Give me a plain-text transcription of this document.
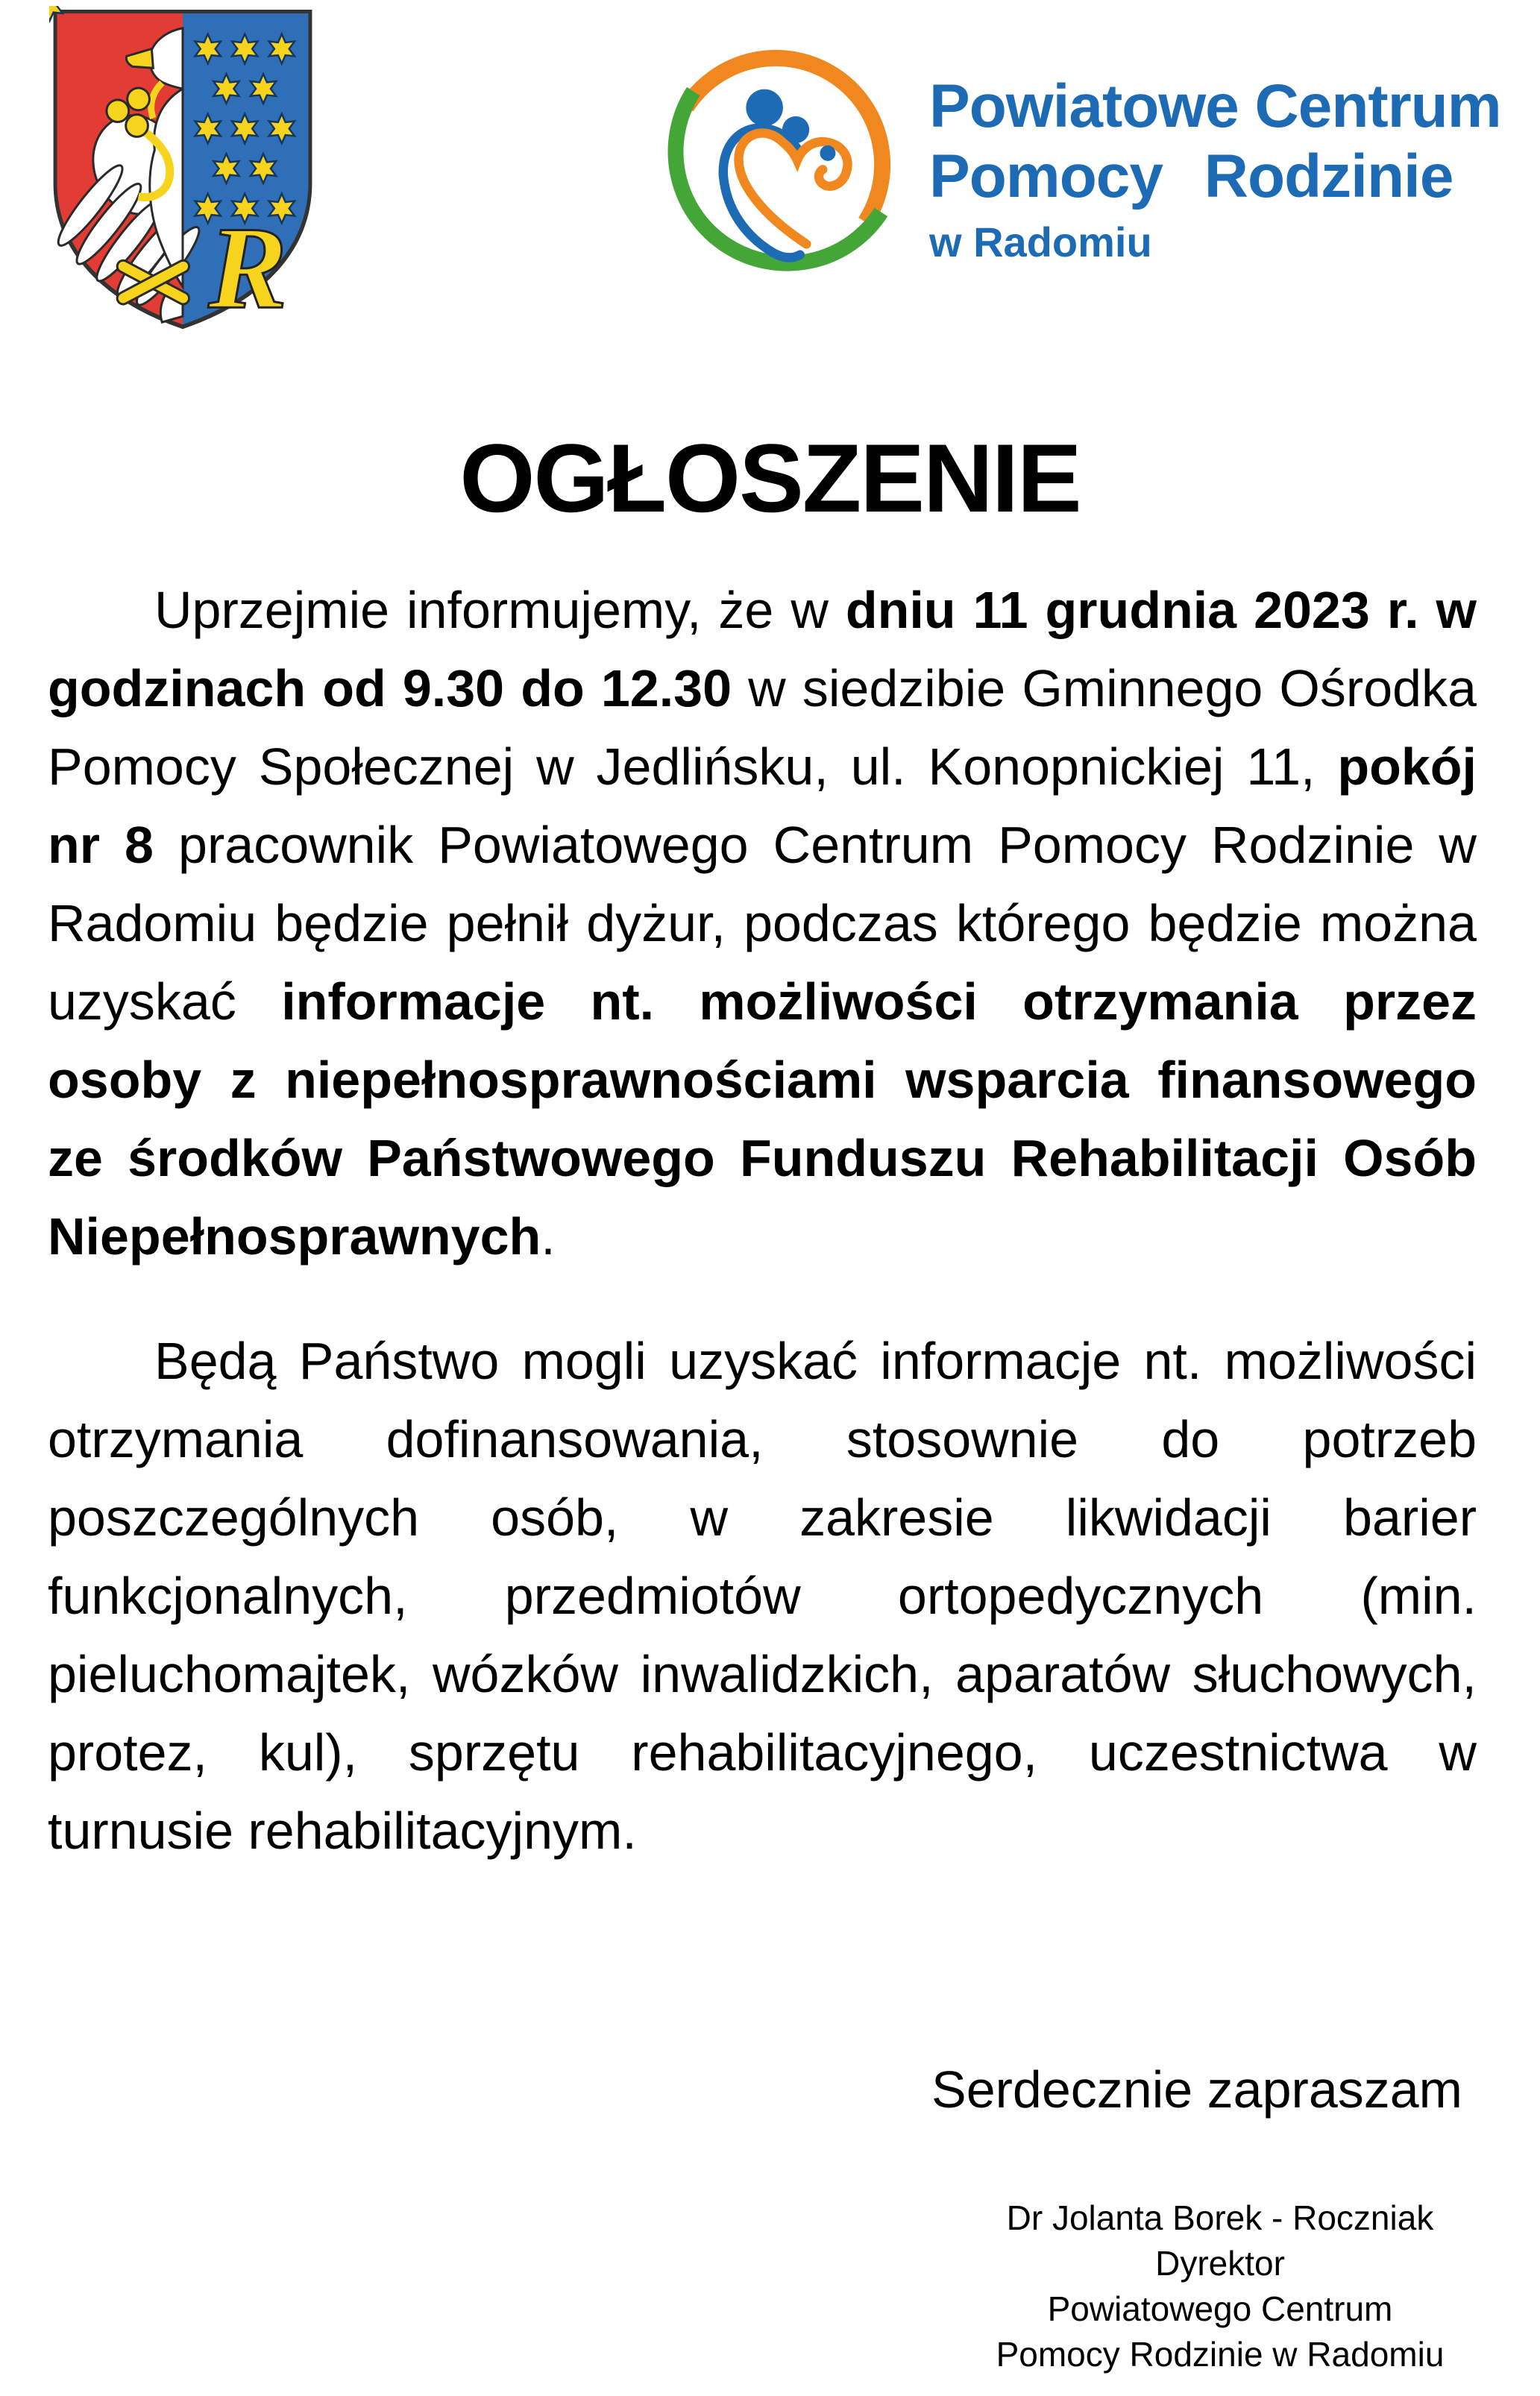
R
Powiatowe Centrum
Pomocy Rodzinie
w Radomiu
OGŁOSZENIE

Uprzejmie informujemy, że w dniu 11 grudnia 2023 r. w godzinach od 9.30 do 12.30 w siedzibie Gminnego Ośrodka Pomocy Społecznej w Jedlińsku, ul. Konopnickiej 11, pokój nr 8 pracownik Powiatowego Centrum Pomocy Rodzinie w Radomiu będzie pełnił dyżur, podczas którego będzie można uzyskać informacje nt. możliwości otrzymania przez osoby z niepełnosprawnościami wsparcia finansowego ze środków Państwowego Funduszu Rehabilitacji Osób Niepełnosprawnych.

Będą Państwo mogli uzyskać informacje nt. możliwości otrzymania dofinansowania, stosownie do potrzeb poszczególnych osób, w zakresie likwidacji barier funkcjonalnych, przedmiotów ortopedycznych (min. pieluchomajtek, wózków inwalidzkich, aparatów słuchowych, protez, kul), sprzętu rehabilitacyjnego, uczestnictwa w turnusie rehabilitacyjnym.

Serdecznie zapraszam
Dr Jolanta Borek - Roczniak
Dyrektor
Powiatowego Centrum
Pomocy Rodzinie w Radomiu
